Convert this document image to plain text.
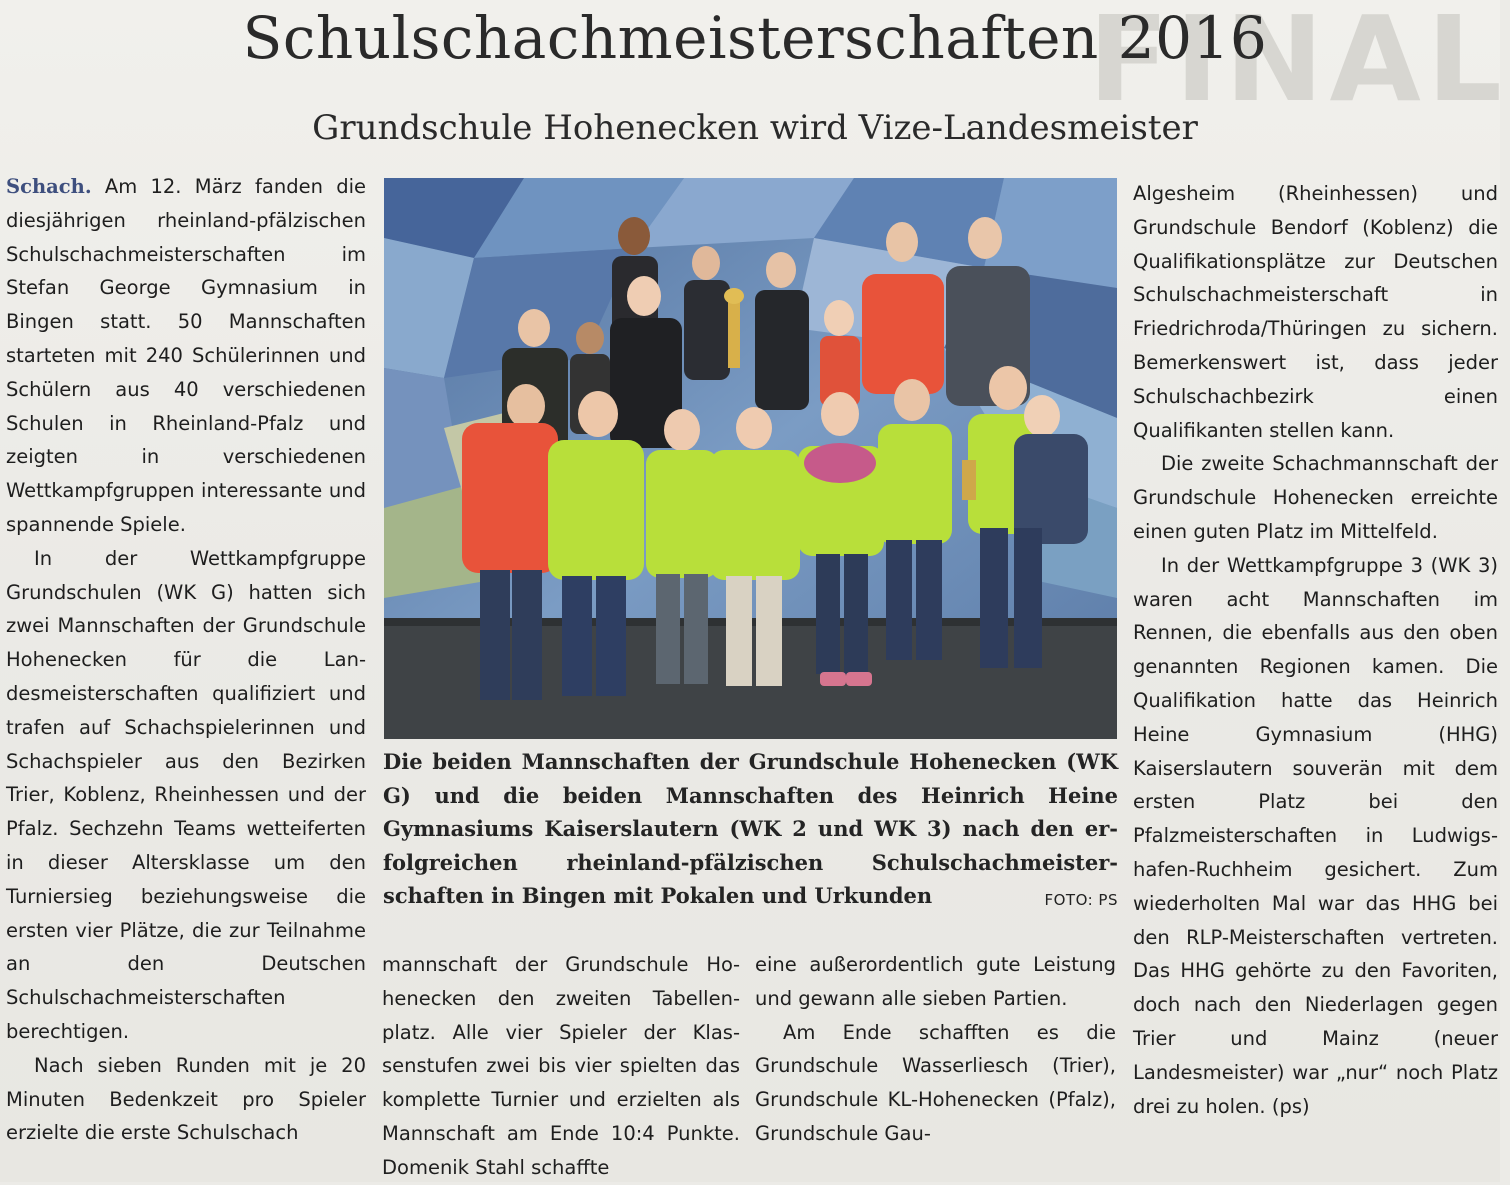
FINAL
Schulschachmeisterschaften 2016
Grundschule Hohenecken wird Vize-Landesmeister

Schach. Am 12. März fanden die diesjährigen rheinland-pfälzischen Schulschachmeisterschaften im Stefan George Gymnasium in Bingen statt. 50 Mannschaften starteten mit 240 Schülerinnen und Schülern aus 40 verschiedenen Schulen in Rheinland-Pfalz und zeigten in verschiedenen Wettkampfgruppen interessante und spannende Spiele.

In der Wettkampfgruppe Grundschulen (WK G) hatten sich zwei Mannschaften der Grundschule Hohenecken für die Landesmeisterschaften qualifiziert und trafen auf Schachspielerinnen und Schachspieler aus den Bezirken Trier, Koblenz, Rheinhessen und der Pfalz. Sechzehn Teams wetteiferten in dieser Altersklasse um den Turniersieg beziehungsweise die ersten vier Plätze, die zur Teilnahme an den Deutschen Schulschachmeisterschaften berechtigen.

Nach sieben Runden mit je 20 Minuten Bedenkzeit pro Spieler erzielte die erste Schulschach

Die beiden Mannschaften der Grundschule Hohenecken (WK G) und die beiden Mannschaften des Heinrich Heine Gymnasiums Kaiserslautern (WK 2 und WK 3) nach den erfolgreichen rheinland-pfälzischen Schulschachmeisterschaften in Bingen mit Pokalen und Urkunden	FOTO: PS

mannschaft der Grundschule Hohenecken den zweiten Tabellenplatz. Alle vier Spieler der Klassenstufen zwei bis vier spielten das komplette Turnier und erzielten als Mannschaft am Ende 10:4 Punkte. Domenik Stahl schaffte

eine außerordentlich gute Leistung und gewann alle sieben Partien.

Am Ende schafften es die Grundschule Wasserliesch (Trier), Grundschule KL-Hohenecken (Pfalz), Grundschule Gau-

Algesheim (Rheinhessen) und Grundschule Bendorf (Koblenz) die Qualifikationsplätze zur Deutschen Schulschachmeisterschaft in Friedrichroda/Thüringen zu sichern. Bemerkenswert ist, dass jeder Schulschachbezirk einen Qualifikanten stellen kann.

Die zweite Schachmannschaft der Grundschule Hohenecken erreichte einen guten Platz im Mittelfeld.

In der Wettkampfgruppe 3 (WK 3) waren acht Mannschaften im Rennen, die ebenfalls aus den oben genannten Regionen kamen. Die Qualifikation hatte das Heinrich Heine Gymnasium (HHG) Kaiserslautern souverän mit dem ersten Platz bei den Pfalzmeisterschaften in Ludwigshafen-Ruchheim gesichert. Zum wiederholten Mal war das HHG bei den RLP-Meisterschaften vertreten. Das HHG gehörte zu den Favoriten, doch nach den Niederlagen gegen Trier und Mainz (neuer Landesmeister) war „nur“ noch Platz drei zu holen. (ps)
